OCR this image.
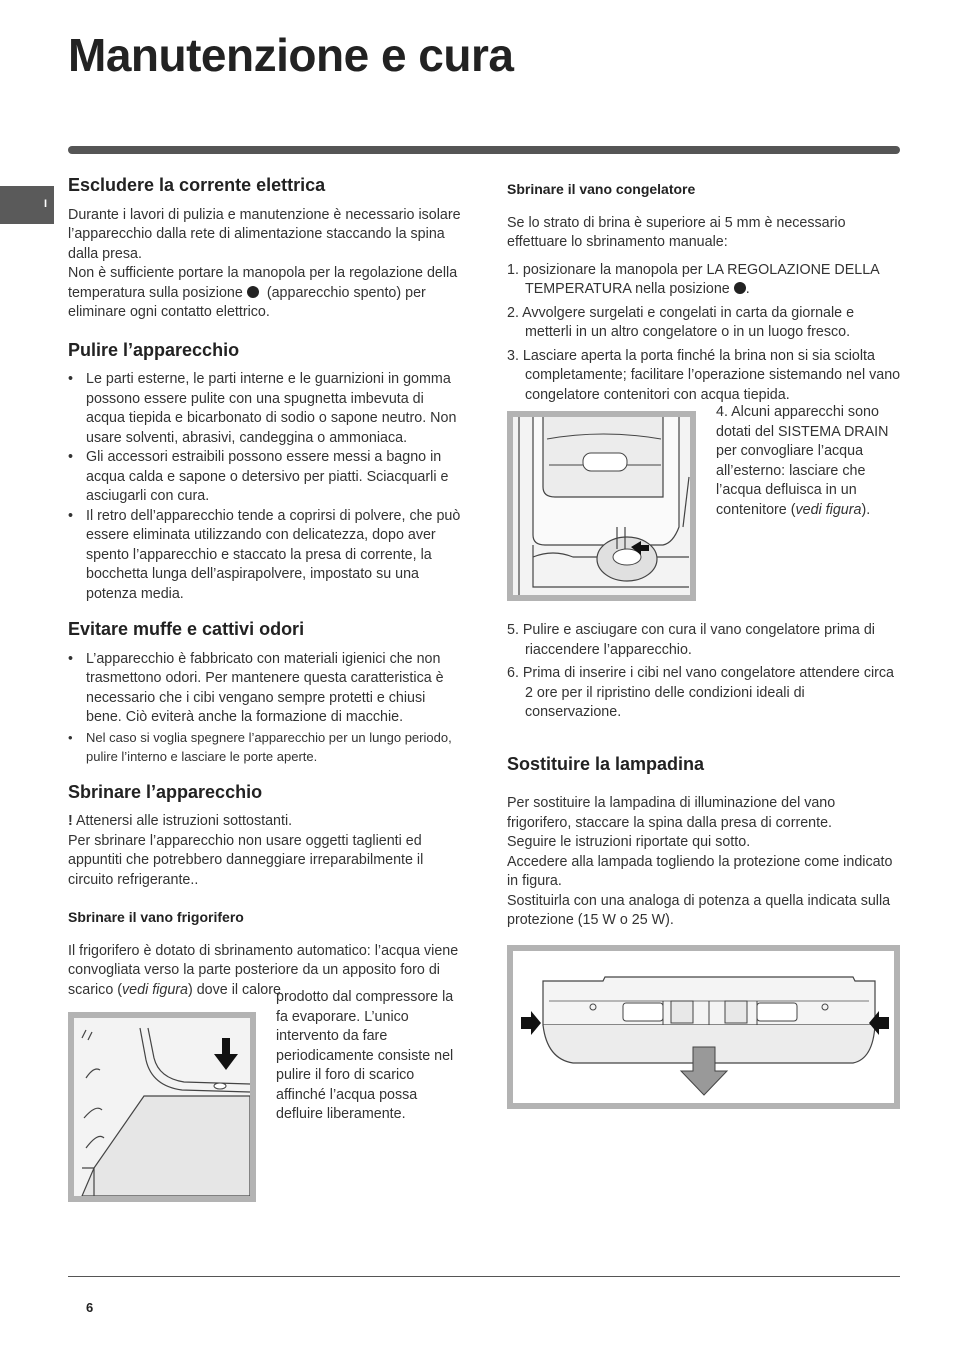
Manutenzione e cura
I
Escludere la corrente elettrica

Durante i lavori di pulizia e manutenzione è necessario isolare l’apparecchio dalla rete di alimentazione staccando la spina dalla presa.

Non è sufficiente portare la manopola per la regolazione della temperatura sulla posizione (apparecchio spento) per eliminare ogni contatto elettrico.

Pulire l’apparecchio
• Le parti esterne, le parti interne e le guarnizioni in gomma possono essere pulite con una spugnetta imbevuta di acqua tiepida e bicarbonato di sodio o sapone neutro. Non usare solventi, abrasivi, candeggina o ammoniaca.
• Gli accessori estraibili possono essere messi a bagno in acqua calda e sapone o detersivo per piatti. Sciacquarli e asciugarli con cura.
• Il retro dell’apparecchio tende a coprirsi di polvere, che può essere eliminata utilizzando con delicatezza, dopo aver spento l’apparecchio e staccato la presa di corrente, la bocchetta lunga dell’aspirapolvere, impostato su una potenza media.
Evitare muffe e cattivi odori
• L’apparecchio è fabbricato con materiali igienici che non trasmettono odori. Per mantenere questa caratteristica è necessario che i cibi vengano sempre protetti e chiusi bene. Ciò eviterà anche la formazione di macchie.
• Nel caso si voglia spegnere l’apparecchio per un lungo periodo, pulire l’interno e lasciare le porte aperte.
Sbrinare l’apparecchio

! Attenersi alle istruzioni sottostanti.

Per sbrinare l’apparecchio non usare oggetti taglienti ed appuntiti che potrebbero danneggiare irreparabilmente il circuito refrigerante..

Sbrinare il vano frigorifero

Il frigorifero è dotato di sbrinamento automatico: l’acqua viene convogliata verso la parte posteriore da un apposito foro di scarico (vedi figura) dove il calore

prodotto dal compressore la fa evaporare. L’unico intervento da fare periodicamente consiste nel pulire il foro di scarico affinché l’acqua possa defluire liberamente.

Sbrinare il vano congelatore

Se lo strato di brina è superiore ai 5 mm è necessario effettuare lo sbrinamento manuale:

1. posizionare la manopola per LA REGOLAZIONE DELLA TEMPERATURA nella posizione .
2. Avvolgere surgelati e congelati in carta da giornale e metterli in un altro congelatore o in un luogo fresco.
3. Lasciare aperta la porta finché la brina non si sia sciolta completamente; facilitare l’operazione sistemando nel vano congelatore contenitori con acqua tiepida.

4. Alcuni apparecchi sono dotati del SISTEMA DRAIN per convogliare l’acqua all’esterno: lasciare che l’acqua defluisca in un contenitore (vedi figura).

5. Pulire e asciugare con cura il vano congelatore prima di riaccendere l’apparecchio.
6. Prima di inserire i cibi nel vano congelatore attendere circa 2 ore per il ripristino delle condizioni ideali di conservazione.
Sostituire la lampadina

Per sostituire la lampadina di illuminazione del vano frigorifero, staccare la spina dalla presa di corrente.

Seguire le istruzioni riportate qui sotto.

Accedere alla lampada togliendo la protezione come indicato in figura.

Sostituirla con una analoga di potenza a quella indicata sulla protezione (15 W o 25 W).

6
